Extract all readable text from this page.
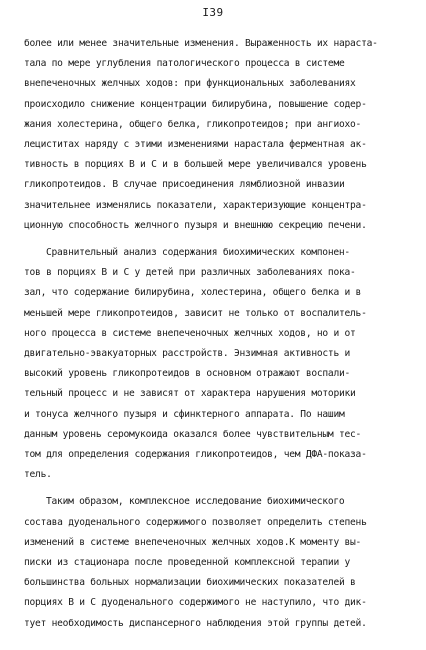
I39
более или менее значительные изменения. Выраженность их нараста-
тала по мере углубления патологического процесса в системе
внепеченочных желчных ходов: при функциональных заболеваниях
происходило снижение концентрации билирубина, повышение содер-
жания холестерина, общего белка, гликопротеидов; при ангиохо-
лециститах наряду с этими изменениями нарастала ферментная ак-
тивность в порциях В и С и в большей мере увеличивался уровень
гликопротеидов. В случае присоединения лямблиозной инвазии
значительнее изменялись показатели, характеризующие концентра-
ционную способность желчного пузыря и внешнюю секрецию печени.
Сравнительный анализ содержания биохимических компонен-
тов в порциях В и С у детей при различных заболеваниях пока-
зал, что содержание билирубина, холестерина, общего белка и в
меньшей мере гликопротеидов, зависит не только от воспалитель-
ного процесса в системе внепеченочных желчных ходов, но и от
двигательно-эвакуаторных расстройств. Энзимная активность и
высокий уровень гликопротеидов в основном отражают воспали-
тельный процесс и не зависят от характера нарушения моторики
и тонуса желчного пузыря и сфинктерного аппарата. По нашим
данным уровень серомукоида оказался более чувствительным тес-
том для определения содержания гликопротеидов, чем ДФА-показа-
тель.
Таким образом, комплексное исследование биохимического
состава дуоденального содержимого позволяет определить степень
изменений в системе внепеченочных желчных ходов.К моменту вы-
писки из стационара после проведенной комплексной терапии у
большинства больных нормализации биохимических показателей в
порциях В и С дуоденального содержимого не наступило, что дик-
тует необходимость диспансерного наблюдения этой группы детей.
